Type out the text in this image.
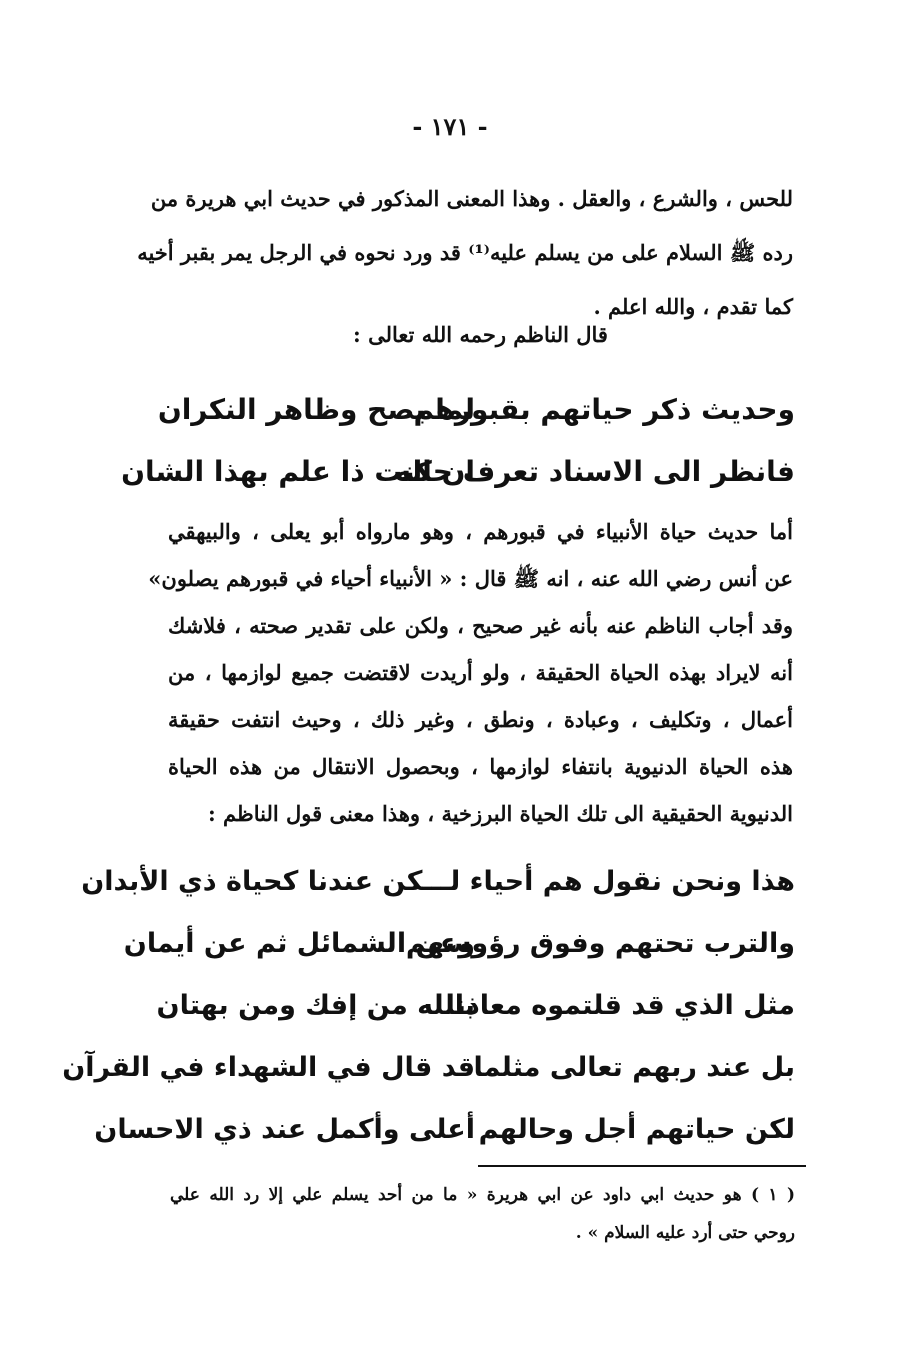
- ١٧١ -
للحس ، والشرع ، والعقل . وهذا المعنى المذكور في حديث ابي هريرة من
رده ﷺ السلام على من يسلم عليه⁽¹⁾ قد ورد نحوه في الرجل يمر بقبر أخيه
كما تقدم ، والله اعلم .
قال الناظم رحمه الله تعالى :
وحديث ذكر حياتهم بقبورهم
لما يصح وظاهر النكران
فانظر الى الاسناد تعرف حاله
ان كنت ذا علم بهذا الشان
أما حديث حياة الأنبياء في قبورهم ، وهو مارواه أبو يعلى ، والبيهقي
عن أنس رضي الله عنه ، انه ﷺ قال : « الأنبياء أحياء في قبورهم يصلون»
وقد أجاب الناظم عنه بأنه غير صحيح ، ولكن على تقدير صحته ، فلاشك
أنه لايراد بهذه الحياة الحقيقة ، ولو أريدت لاقتضت جميع لوازمها ، من
أعمال ، وتكليف ، وعبادة ، ونطق ، وغير ذلك ، وحيث انتفت حقيقة
هذه الحياة الدنيوية بانتفاء لوازمها ، وبحصول الانتقال من هذه الحياة
الدنيوية الحقيقية الى تلك الحياة البرزخية ، وهذا معنى قول الناظم :
هذا ونحن نقول هم أحياء لـــكن عندنا كحياة ذي الأبدان
والترب تحتهم وفوق رؤوسهم
وعن الشمائل ثم عن أيمان
مثل الذي قد قلتموه معاذنا
بالله من إفك ومن بهتان
بل عند ربهم تعالى مثلما
قد قال في الشهداء في القرآن
لكن حياتهم أجل وحالهم
أعلى وأكمل عند ذي الاحسان
( ١ ) هو حديث ابي داود عن ابي هريرة « ما من أحد يسلم علي إلا رد الله علي
روحي حتى أرد عليه السلام » .
